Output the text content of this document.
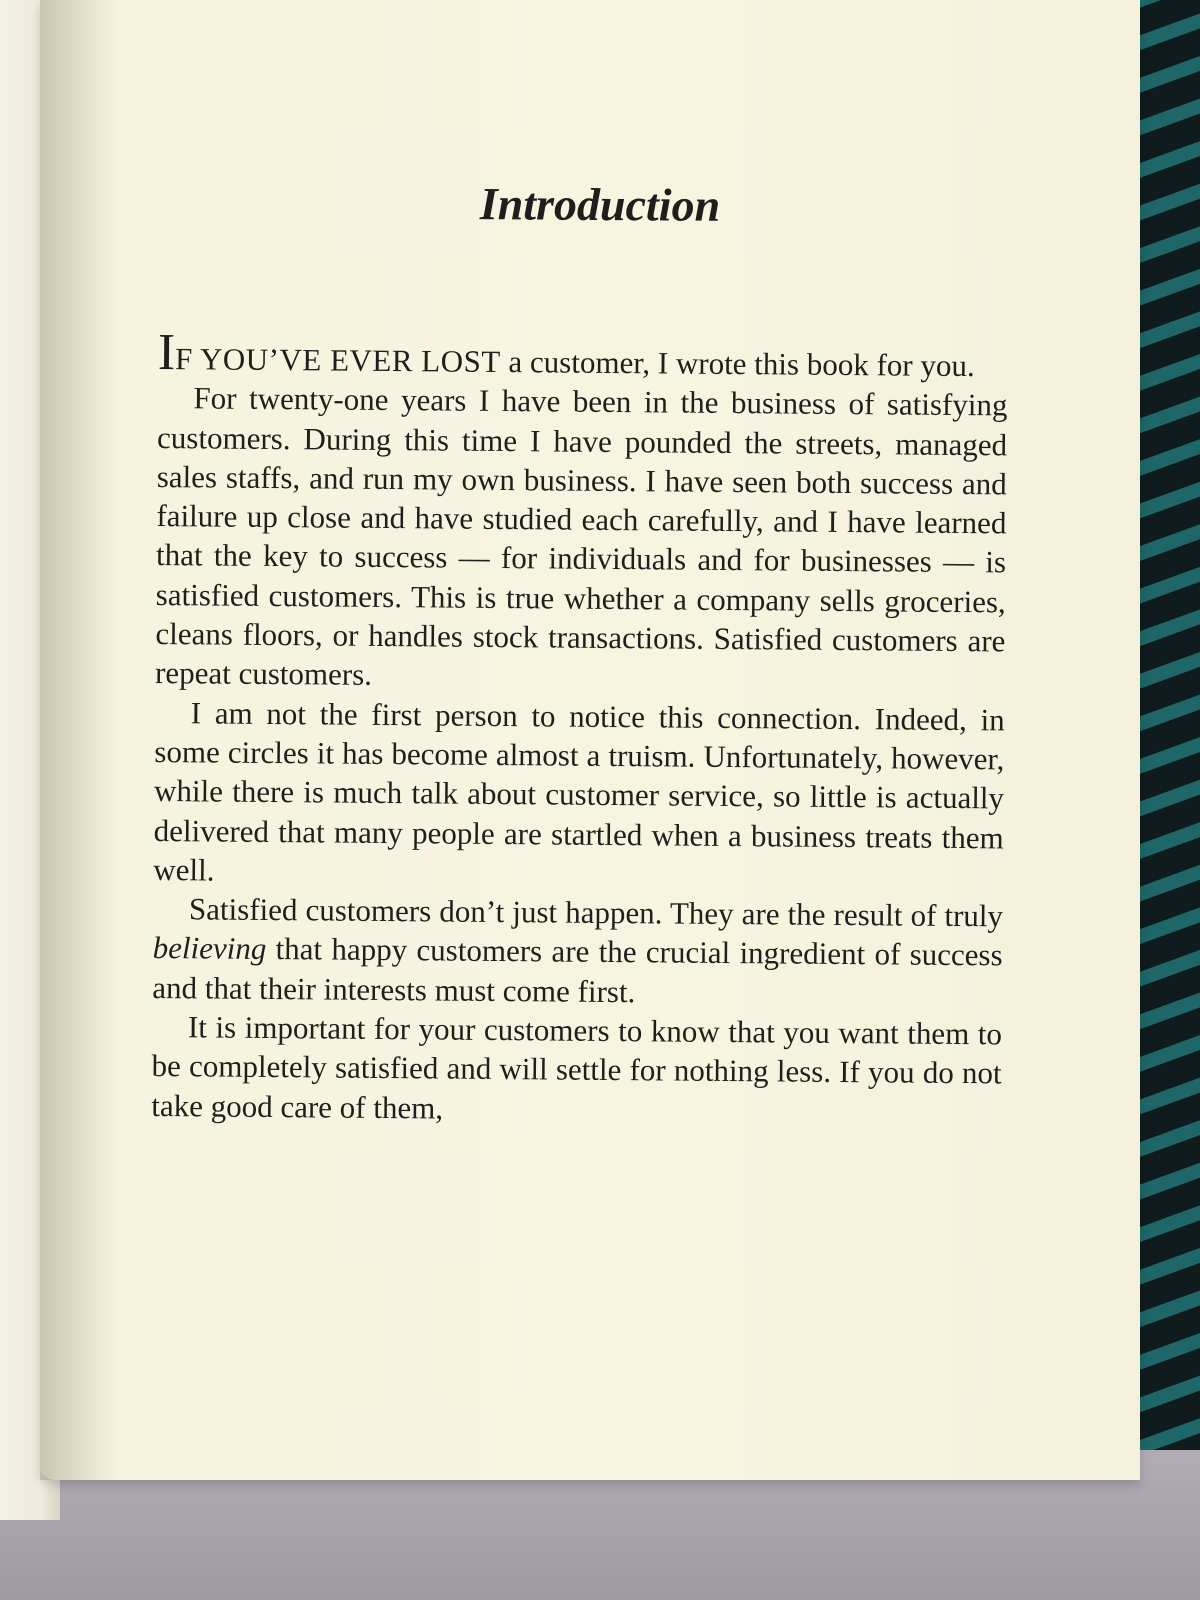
Introduction

IF YOU’VE EVER LOST a customer, I wrote this book for you.

For twenty-one years I have been in the business of satisfying customers. During this time I have pounded the streets, managed sales staffs, and run my own business. I have seen both success and failure up close and have studied each carefully, and I have learned that the key to success — for individuals and for businesses — is satisfied customers. This is true whether a company sells groceries, cleans floors, or handles stock transactions. Satisfied customers are repeat customers.

I am not the first person to notice this connection. Indeed, in some circles it has become almost a truism. Unfortunately, however, while there is much talk about customer service, so little is actually delivered that many people are startled when a business treats them well.

Satisfied customers don’t just happen. They are the result of truly believing that happy customers are the crucial ingredient of success and that their interests must come first.

It is important for your customers to know that you want them to be completely satisfied and will settle for nothing less. If you do not take good care of them,
